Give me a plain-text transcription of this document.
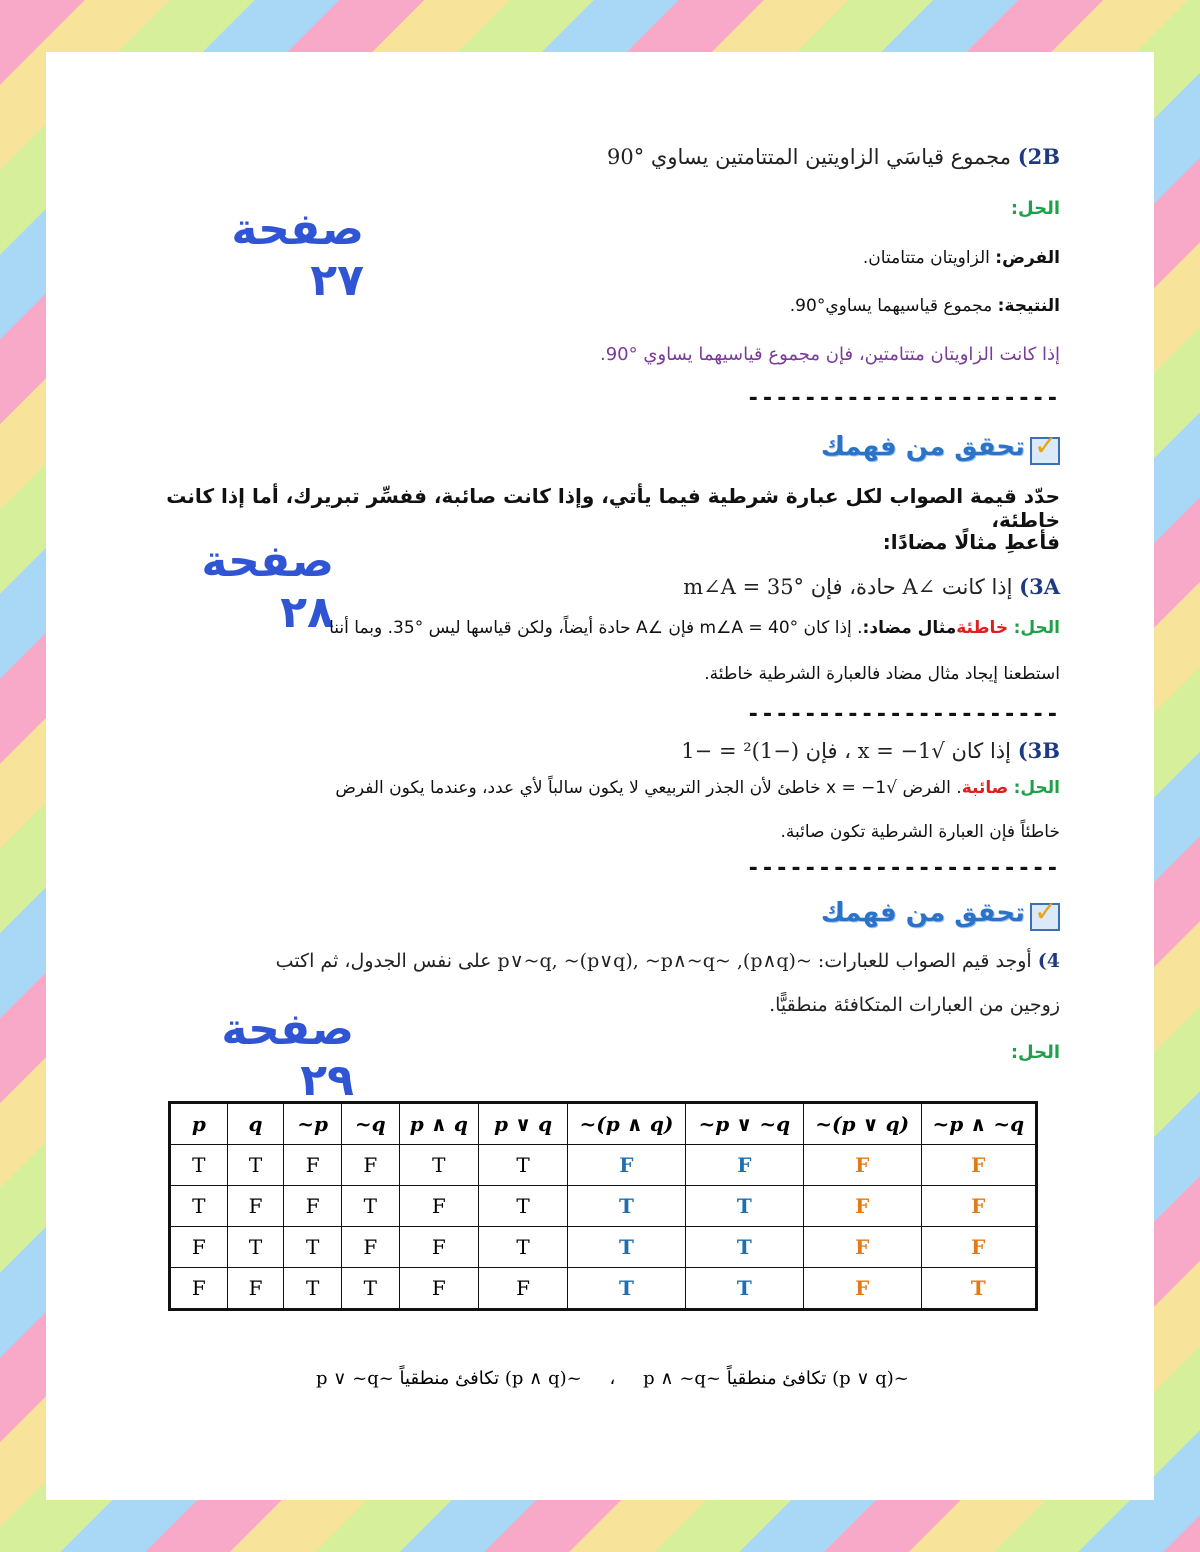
صفحة ٢٧
صفحة ٢٨
صفحة ٢٩
2B) مجموع قياسَي الزاويتين المتتامتين يساوي °90
الحل:
الفرض: الزاويتان متتامتان.
النتيجة: مجموع قياسيهما يساوي°90.
إذا كانت الزاويتان متتامتين، فإن مجموع قياسيهما يساوي °90.
----------------------
✓
تحقق من فهمك
حدّد قيمة الصواب لكل عبارة شرطية فيما يأتي، وإذا كانت صائبة، ففسِّر تبريرك، أما إذا كانت خاطئة،
فأعطِ مثالًا مضادًا:
3A) إذا كانت ∠A حادة، فإن m∠A = 35°
الحل: خاطئةمثال مضاد:. إذا كان m∠A = 40° فإن ∠A حادة أيضاً، ولكن قياسها ليس °35. وبما أننا
استطعنا إيجاد مثال مضاد فالعبارة الشرطية خاطئة.
----------------------
3B) إذا كان √x = −1 ، فإن (−1)² = −1
الحل: صائبة. الفرض √x = −1 خاطئ لأن الجذر التربيعي لا يكون سالباً لأي عدد، وعندما يكون الفرض
خاطئاً فإن العبارة الشرطية تكون صائبة.
----------------------
✓
تحقق من فهمك
4) أوجد قيم الصواب للعبارات: ~(p∧q), ~p∨~q, ~(p∨q), ~p∧~q على نفس الجدول، ثم اكتب
زوجين من العبارات المتكافئة منطقيًّا.
الحل:
p	q	~p	~q	p ∧ q	p ∨ q	~(p ∧ q)	~p ∨ ~q	~(p ∨ q)	~p ∧ ~q
T	T	F	F	T	T	F	F	F	F
T	F	F	T	F	T	T	T	F	F
F	T	T	F	F	T	T	T	F	F
F	F	T	T	F	F	T	T	F	T
~(p ∨ q) تكافئ منطقياً ~p ∧ ~q ، ~(p ∧ q) تكافئ منطقياً ~p ∨ ~q
